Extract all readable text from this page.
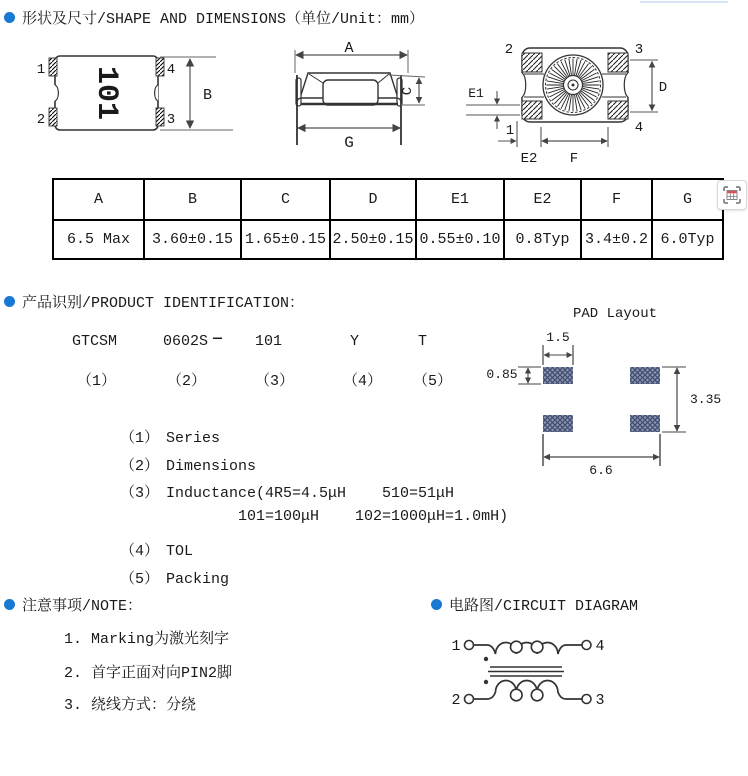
形状及尺寸/SHAPE AND DIMENSIONS（单位/Unit：mm）
1
2
4
3
101	B
A
G
C
2	3
1	4
E1	D
E2 F
A	B	C	D	E1	E2	F	G
6.5 Max	3.60±0.15	1.65±0.15	2.50±0.15	0.55±0.10	0.8Typ	3.4±0.2	6.0Typ
产品识别/PRODUCT IDENTIFICATION：
GTCSM	0602S — 101	Y	T
（1）	（2）	（3）	（4） （5）

（1） Series

（2） Dimensions

（3） Inductance(4R5=4.5μH    510=51μH

101=100μH    102=1000μH=1.0mH)

（4） TOL

（5） Packing

PAD Layout
1.5
0.85
3.35
6.6
注意事项/NOTE：
1. Marking为激光刻字
2. 首字正面对向PIN2脚
3. 绕线方式：分绕
电路图/CIRCUIT DIAGRAM
1	4
2	3
